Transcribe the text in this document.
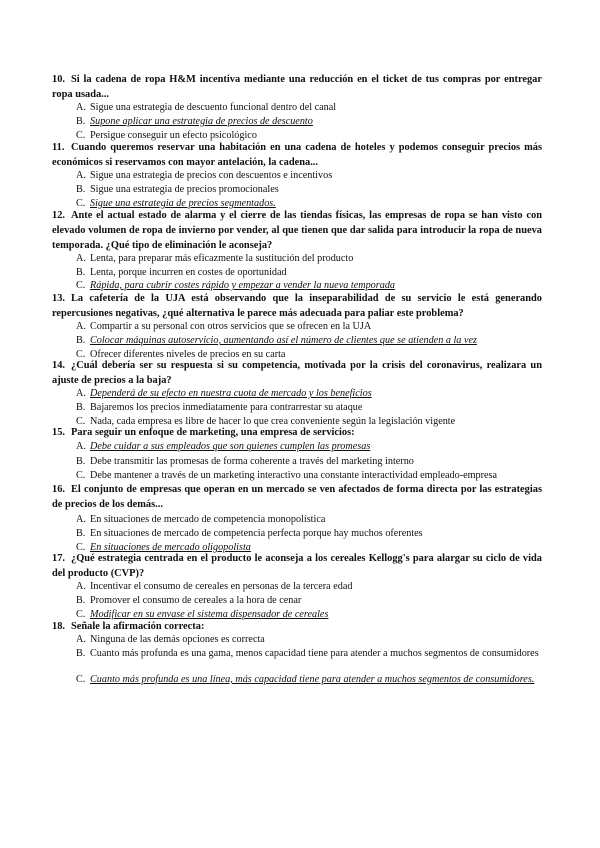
10. Si la cadena de ropa H&M incentiva mediante una reducción en el ticket de tus compras por entregar ropa usada...
A. Sigue una estrategia de descuento funcional dentro del canal
B. Supone aplicar una estrategia de precios de descuento
C. Persigue conseguir un efecto psicológico
11. Cuando queremos reservar una habitación en una cadena de hoteles y podemos conseguir precios más económicos si reservamos con mayor antelación, la cadena...
A. Sigue una estrategia de precios con descuentos e incentivos
B. Sigue una estrategia de precios promocionales
C. Sigue una estrategia de precios segmentados.
12. Ante el actual estado de alarma y el cierre de las tiendas físicas, las empresas de ropa se han visto con elevado volumen de ropa de invierno por vender, al que tienen que dar salida para introducir la ropa de nueva temporada. ¿Qué tipo de eliminación le aconseja?
A. Lenta, para preparar más eficazmente la sustitución del producto
B. Lenta, porque incurren en costes de oportunidad
C. Rápida, para cubrir costes rápido y empezar a vender la nueva temporada
13. La cafetería de la UJA está observando que la inseparabilidad de su servicio le está generando repercusiones negativas, ¿qué alternativa le parece más adecuada para paliar este problema?
A. Compartir a su personal con otros servicios que se ofrecen en la UJA
B. Colocar máquinas autoservicio, aumentando así el número de clientes que se atienden a la vez
C. Ofrecer diferentes niveles de precios en su carta
14. ¿Cuál debería ser su respuesta si su competencia, motivada por la crisis del coronavirus, realizara un ajuste de precios a la baja?
A. Dependerá de su efecto en nuestra cuota de mercado y los beneficios
B. Bajaremos los precios inmediatamente para contrarrestar su ataque
C. Nada, cada empresa es libre de hacer lo que crea conveniente según la legislación vigente
15. Para seguir un enfoque de marketing, una empresa de servicios:
A. Debe cuidar a sus empleados que son quienes cumplen las promesas
B. Debe transmitir las promesas de forma coherente a través del marketing interno
C. Debe mantener a través de un marketing interactivo una constante interactividad empleado-empresa
16. El conjunto de empresas que operan en un mercado se ven afectados de forma directa por las estrategias de precios de los demás...
A. En situaciones de mercado de competencia monopolística
B. En situaciones de mercado de competencia perfecta porque hay muchos oferentes
C. En situaciones de mercado oligopolista
17. ¿Qué estrategia centrada en el producto le aconseja a los cereales Kellogg's para alargar su ciclo de vida del producto (CVP)?
A. Incentivar el consumo de cereales en personas de la tercera edad
B. Promover el consumo de cereales a la hora de cenar
C. Modificar en su envase el sistema dispensador de cereales
18. Señale la afirmación correcta:
A. Ninguna de las demás opciones es correcta
B. Cuanto más profunda es una gama, menos capacidad tiene para atender a muchos segmentos de consumidores
C. Cuanto más profunda es una línea, más capacidad tiene para atender a muchos segmentos de consumidores.
